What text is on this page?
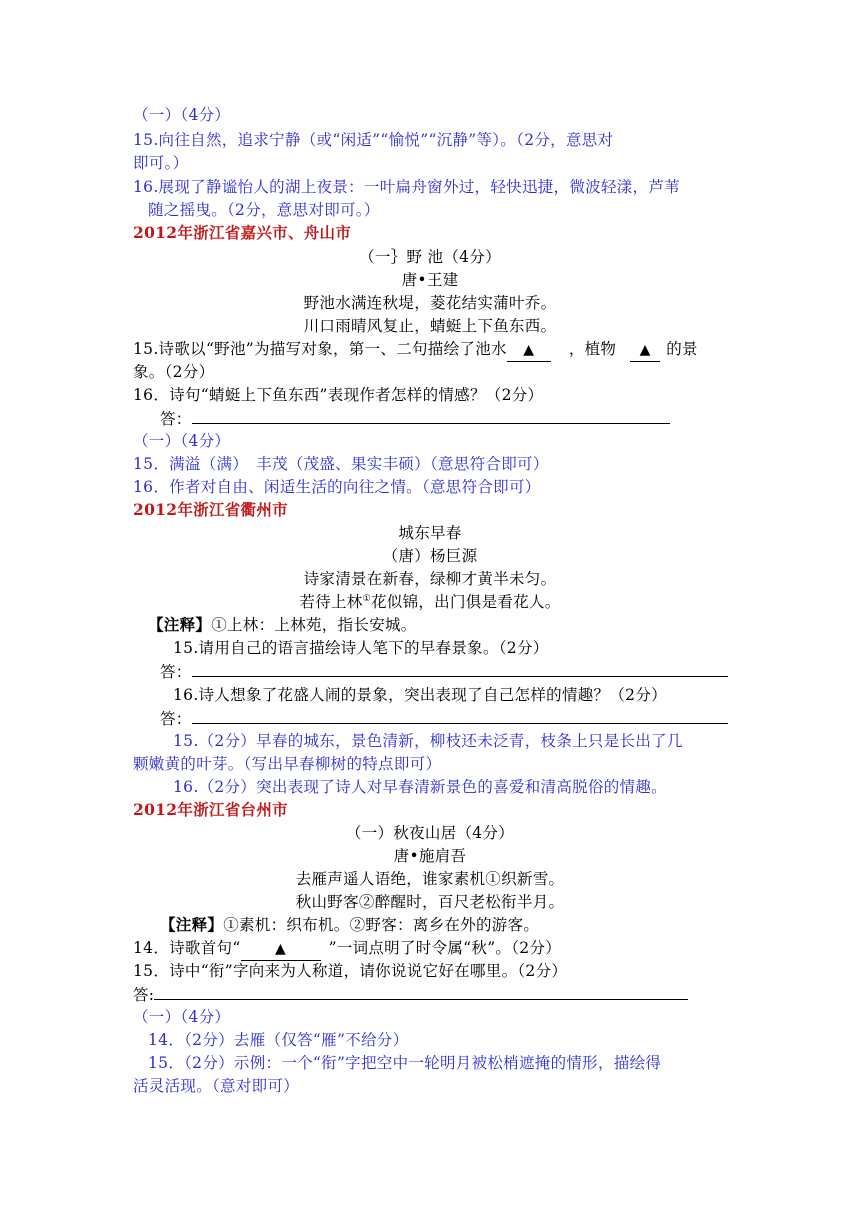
（一）（4分）
15.向往自然，追求宁静（或“闲适”“愉悦”“沉静”等）。（2分，意思对
即可。）
16.展现了静谧怡人的湖上夜景：一叶扁舟窗外过，轻快迅捷，微波轻漾，芦苇
随之摇曳。（2分，意思对即可。）
2012年浙江省嘉兴市、舟山市
（一｝野 池（4分）
唐•王建
野池水满连秋堤，菱花结实蒲叶乔。
川口雨晴风复止，蜻蜓上下鱼东西。
15.诗歌以“野池”为描写对象，第一、二句描绘了池水 ▲ ，植物 ▲ 的景
象。（2分）
16．诗句“蜻蜓上下鱼东西”表现作者怎样的情感？（2分）
答：
（一）（4分）
15．满溢（满）　丰茂（茂盛、果实丰硕）（意思符合即可）
16．作者对自由、闲适生活的向往之情。（意思符合即可）
2012年浙江省衢州市
城东早春
（唐）杨巨源
诗家清景在新春，绿柳才黄半未匀。
若待上林①花似锦，出门俱是看花人。
【注释】①上林：上林苑，指长安城。
15.请用自己的语言描绘诗人笔下的早春景象。（2分）
答：
16.诗人想象了花盛人闹的景象，突出表现了自己怎样的情趣？（2分）
答：
15.（2分）早春的城东，景色清新，柳枝还未泛青，枝条上只是长出了几
颗嫩黄的叶芽。（写出早春柳树的特点即可）
16.（2分）突出表现了诗人对早春清新景色的喜爱和清高脱俗的情趣。
2012年浙江省台州市
（一）秋夜山居（4分）
唐•施肩吾
去雁声遥人语绝，谁家素机①织新雪。
秋山野客②醉醒时，百尺老松衔半月。
【注释】①素机：织布机。②野客：离乡在外的游客。
14．诗歌首句“ ▲	”一词点明了时令属“秋”。（2分）
15．诗中“衔”字向来为人称道，请你说说它好在哪里。（2分）
答:
（一）（4分）
14．（2分）去雁（仅答“雁”不给分）
15．（2分）示例：一个“衔”字把空中一轮明月被松梢遮掩的情形，描绘得
活灵活现。（意对即可）
